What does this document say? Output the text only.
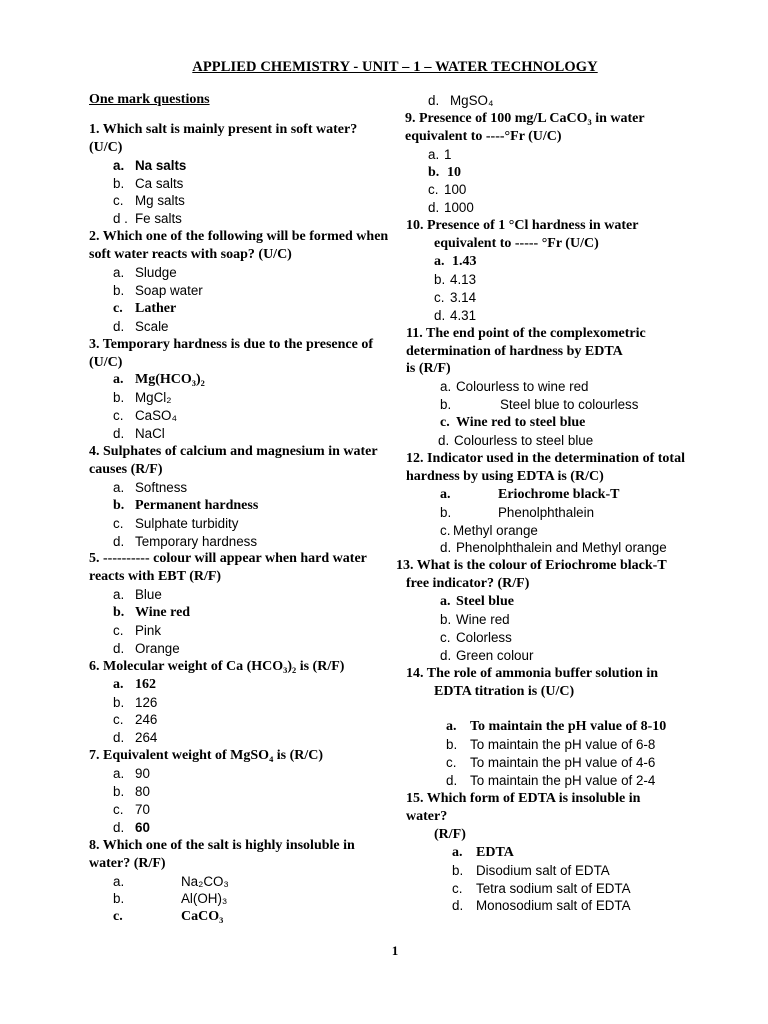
APPLIED CHEMISTRY - UNIT – 1 – WATER TECHNOLOGY
One mark questions
1. Which salt is mainly present in soft water? (U/C)
a. Na salts
b. Ca salts
c. Mg salts
d . Fe salts
2. Which one of the following will be formed when soft water reacts with soap? (U/C)
a. Sludge
b. Soap water
c. Lather
d. Scale
3. Temporary hardness is due to the presence of (U/C)
a. Mg(HCO₃)₂
b. MgCl₂
c. CaSO₄
d. NaCl
4. Sulphates of calcium and magnesium in water causes (R/F)
a. Softness
b. Permanent hardness
c. Sulphate turbidity
d. Temporary hardness
5. ---------- colour will appear when hard water reacts with EBT (R/F)
a. Blue
b. Wine red
c. Pink
d. Orange
6. Molecular weight of Ca (HCO₃)₂ is (R/F)
a. 162
b. 126
c. 246
d. 264
7. Equivalent weight of MgSO₄ is (R/C)
a. 90
b. 80
c. 70
d. 60
8. Which one of the salt is highly insoluble in water? (R/F)
a.	Na₂CO₃
b.	Al(OH)₃
c.	CaCO₃
d. MgSO₄
9. Presence of 100 mg/L CaCO₃ in water equivalent to ----°Fr (U/C)
a. 1
b. 10
c. 100
d. 1000
10. Presence of 1 °Cl hardness in water
equivalent to ----- °Fr (U/C)
a. 1.43
b. 4.13
c. 3.14
d. 4.31
11. The end point of the complexometric determination of hardness by EDTA
is (R/F)
a. Colourless to wine red
b.	Steel blue to colourless
c. Wine red to steel blue
d. Colourless to steel blue
12. Indicator used in the determination of total hardness by using EDTA is (R/C)
a.	Eriochrome black-T
b.	Phenolphthalein
c. Methyl orange
d. Phenolphthalein and Methyl orange
13. What is the colour of Eriochrome black-T
free indicator? (R/F)
a. Steel blue
b. Wine red
c. Colorless
d. Green colour
14. The role of ammonia buffer solution in
EDTA titration is (U/C)
a. To maintain the pH value of 8-10
b. To maintain the pH value of 6-8
c. To maintain the pH value of 4-6
d. To maintain the pH value of 2-4
15. Which form of EDTA is insoluble in water?
(R/F)
a. EDTA
b. Disodium salt of EDTA
c. Tetra sodium salt of EDTA
d. Monosodium salt of EDTA
1
